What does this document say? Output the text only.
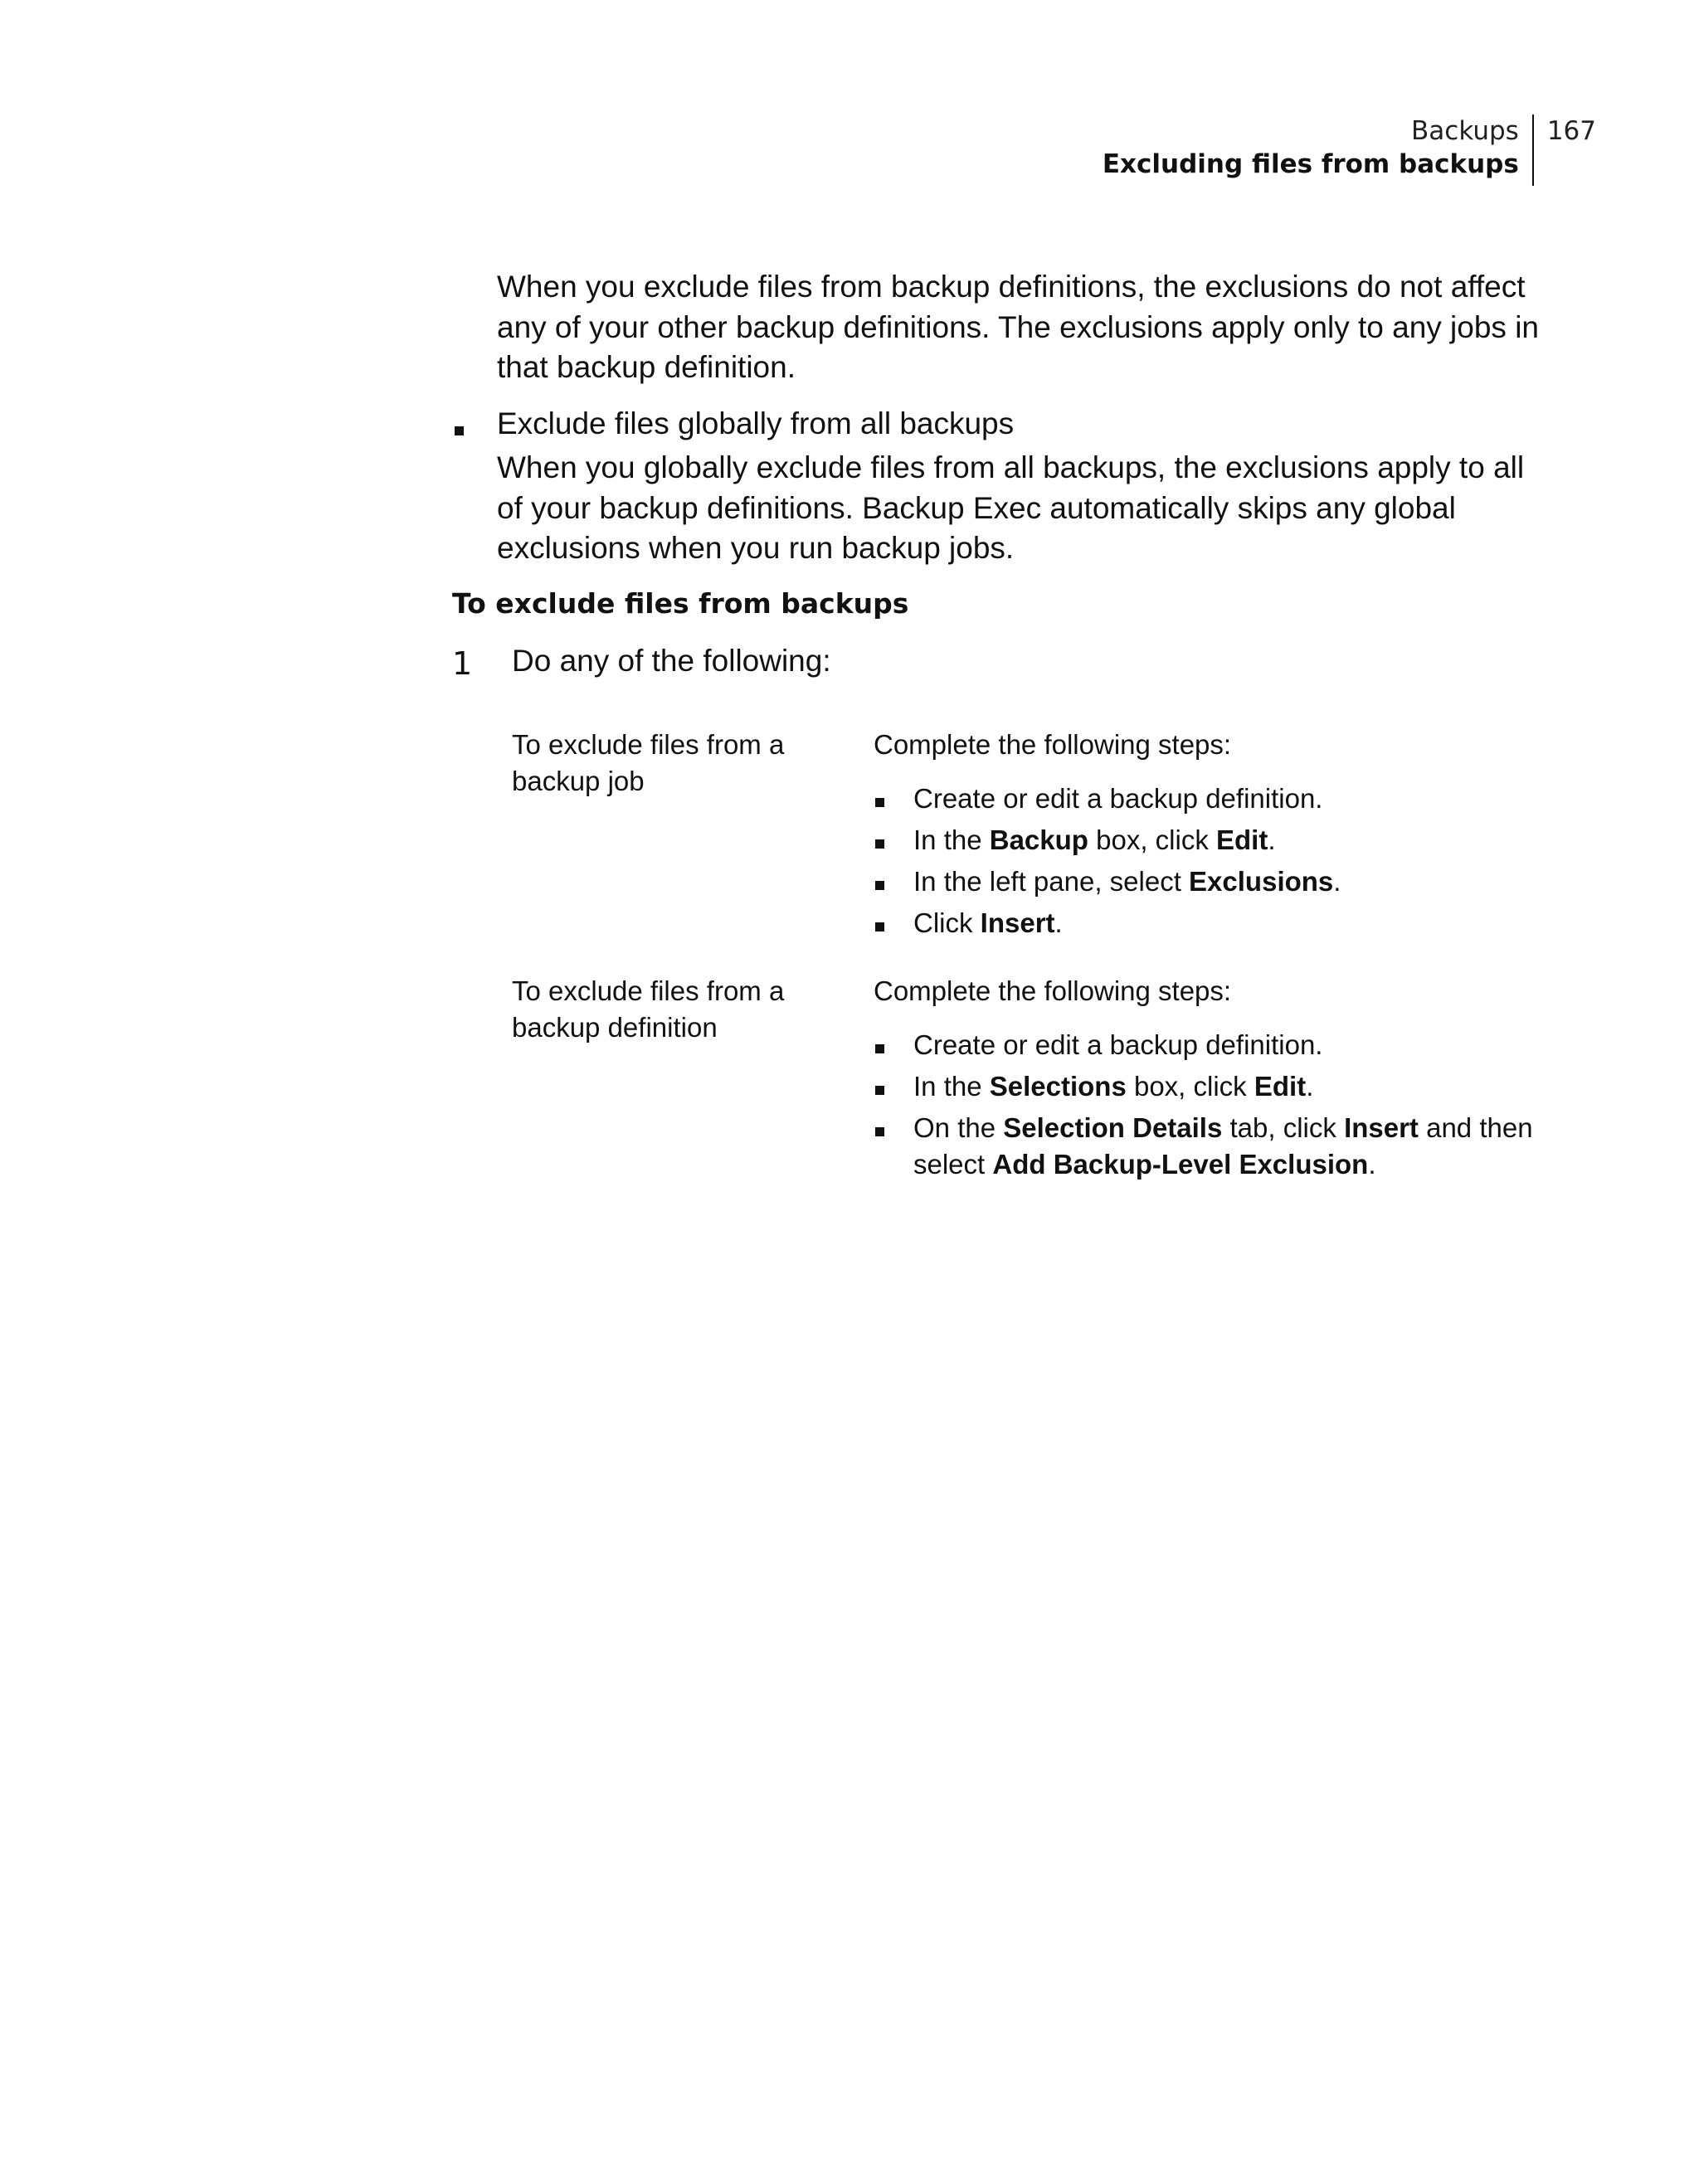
Backups
Excluding files from backups
167
When you exclude files from backup definitions, the exclusions do not affect any of your other backup definitions. The exclusions apply only to any jobs in that backup definition.
Exclude files globally from all backups
When you globally exclude files from all backups, the exclusions apply to all of your backup definitions. Backup Exec automatically skips any global exclusions when you run backup jobs.
To exclude files from backups
1 Do any of the following:
To exclude files from a backup job
Complete the following steps:
Create or edit a backup definition.
In the Backup box, click Edit.
In the left pane, select Exclusions.
Click Insert.
To exclude files from a backup definition
Complete the following steps:
Create or edit a backup definition.
In the Selections box, click Edit.
On the Selection Details tab, click Insert and then select Add Backup-Level Exclusion.
